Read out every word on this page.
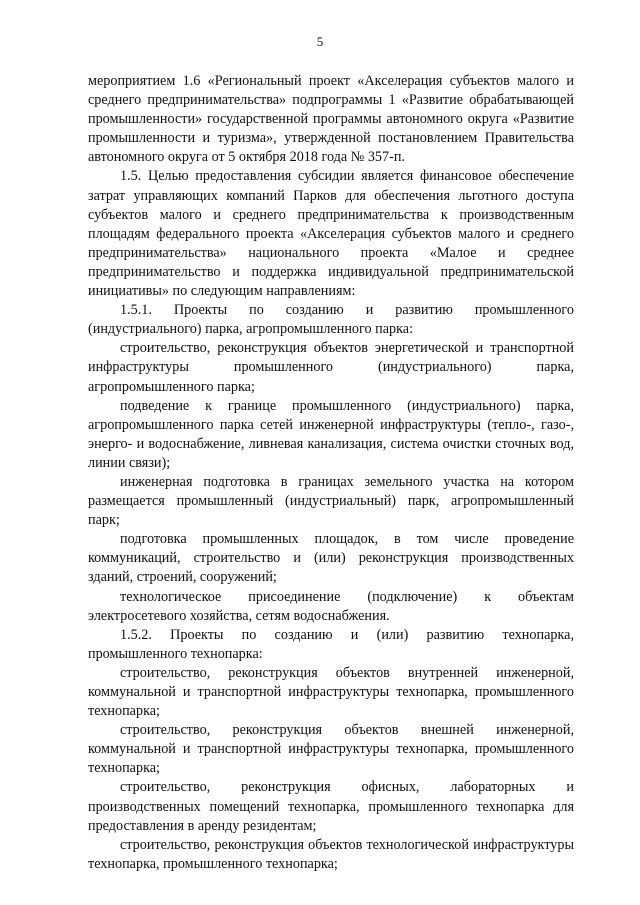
5

мероприятием 1.6 «Региональный проект «Акселерация субъектов малого и среднего предпринимательства» подпрограммы 1 «Развитие обрабатывающей промышленности» государственной программы автономного округа «Развитие промышленности и туризма», утвержденной постановлением Правительства автономного округа от 5 октября 2018 года № 357-п.

1.5. Целью предоставления субсидии является финансовое обеспечение затрат управляющих компаний Парков для обеспечения льготного доступа субъектов малого и среднего предпринимательства к производственным площадям федерального проекта «Акселерация субъектов малого и среднего предпринимательства» национального проекта «Малое и среднее предпринимательство и поддержка индивидуальной предпринимательской инициативы» по следующим направлениям:

1.5.1. Проекты по созданию и развитию промышленного (индустриального) парка, агропромышленного парка:

строительство, реконструкция объектов энергетической и транспортной инфраструктуры промышленного (индустриального) парка, агропромышленного парка;

подведение к границе промышленного (индустриального) парка, агропромышленного парка сетей инженерной инфраструктуры (тепло-, газо-, энерго- и водоснабжение, ливневая канализация, система очистки сточных вод, линии связи);

инженерная подготовка в границах земельного участка на котором размещается промышленный (индустриальный) парк, агропромышленный парк;

подготовка промышленных площадок, в том числе проведение коммуникаций, строительство и (или) реконструкция производственных зданий, строений, сооружений;

технологическое присоединение (подключение) к объектам электросетевого хозяйства, сетям водоснабжения.

1.5.2. Проекты по созданию и (или) развитию технопарка, промышленного технопарка:

строительство, реконструкция объектов внутренней инженерной, коммунальной и транспортной инфраструктуры технопарка, промышленного технопарка;

строительство, реконструкция объектов внешней инженерной, коммунальной и транспортной инфраструктуры технопарка, промышленного технопарка;

строительство, реконструкция офисных, лабораторных и производственных помещений технопарка, промышленного технопарка для предоставления в аренду резидентам;

строительство, реконструкция объектов технологической инфраструктуры технопарка, промышленного технопарка;
